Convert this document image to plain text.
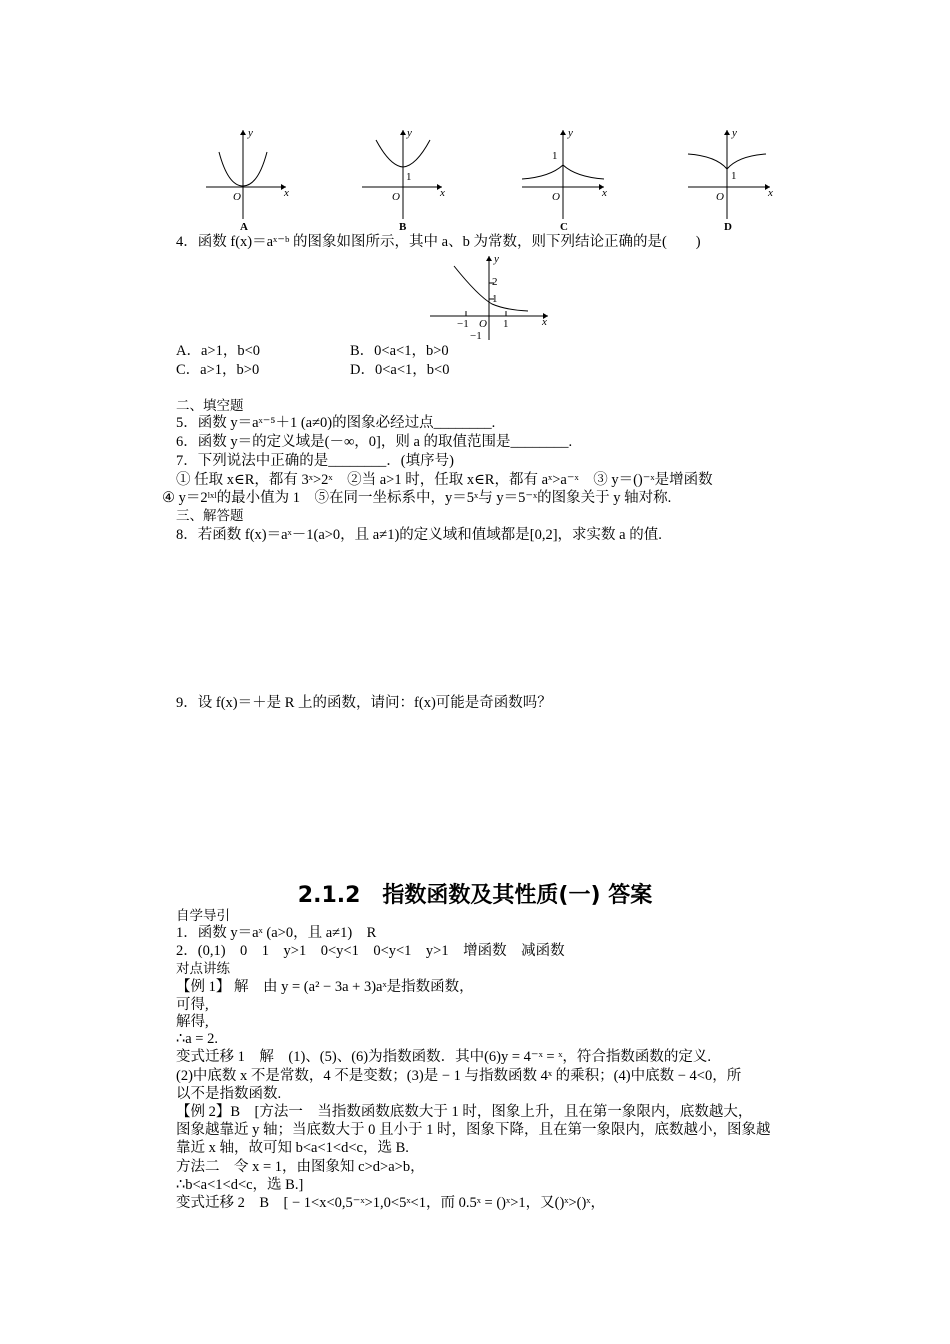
y
x
O
A
y
x
O
1
B
y
x
O
1
C
y
x
O
1
D
4．函数 f(x)＝aˣ⁻ᵇ 的图象如图所示，其中 a、b 为常数，则下列结论正确的是(　　)
y
x
2
1
−1 O 1
−1
A．a>1，b<0	B．0<a<1，b>0
C．a>1，b>0	D．0<a<1，b<0
二、填空题
5．函数 y＝aˣ⁻⁵＋1 (a≠0)的图象必经过点________.
6．函数 y＝的定义域是(－∞，0]，则 a 的取值范围是________.
7．下列说法中正确的是________．(填序号)
① 任取 x∈R，都有 3ˣ>2ˣ　②当 a>1 时，任取 x∈R，都有 aˣ>a⁻ˣ　③ y＝()⁻ˣ是增函数
④ y＝2ˡˣˡ的最小值为 1　⑤在同一坐标系中，y＝5ˣ与 y＝5⁻ˣ的图象关于 y 轴对称.
三、解答题
8．若函数 f(x)＝aˣ－1(a>0，且 a≠1)的定义域和值域都是[0,2]，求实数 a 的值.
9．设 f(x)＝＋是 R 上的函数，请问：f(x)可能是奇函数吗？
2.1.2　指数函数及其性质(一) 答案
自学导引
1．函数 y＝aˣ (a>0，且 a≠1)　R
2．(0,1)　0　1　y>1　0<y<1　0<y<1　y>1　增函数　减函数
对点讲练
【例 1】 解　由 y = (a² − 3a + 3)aˣ是指数函数，
可得,
解得,
∴a = 2.
变式迁移 1　解　(1)、(5)、(6)为指数函数．其中(6)y = 4⁻ˣ = ˣ，符合指数函数的定义.
(2)中底数 x 不是常数，4 不是变数；(3)是 − 1 与指数函数 4ˣ 的乘积；(4)中底数 − 4<0，所
以不是指数函数.
【例 2】B　[方法一　当指数函数底数大于 1 时，图象上升，且在第一象限内，底数越大，
图象越靠近 y 轴；当底数大于 0 且小于 1 时，图象下降，且在第一象限内，底数越小，图象越
靠近 x 轴，故可知 b<a<1<d<c，选 B.
方法二　令 x = 1，由图象知 c>d>a>b，
∴b<a<1<d<c，选 B.]
变式迁移 2　B　[ − 1<x<0,5⁻ˣ>1,0<5ˣ<1，而 0.5ˣ = ()ˣ>1，又()ˣ>()ˣ，
